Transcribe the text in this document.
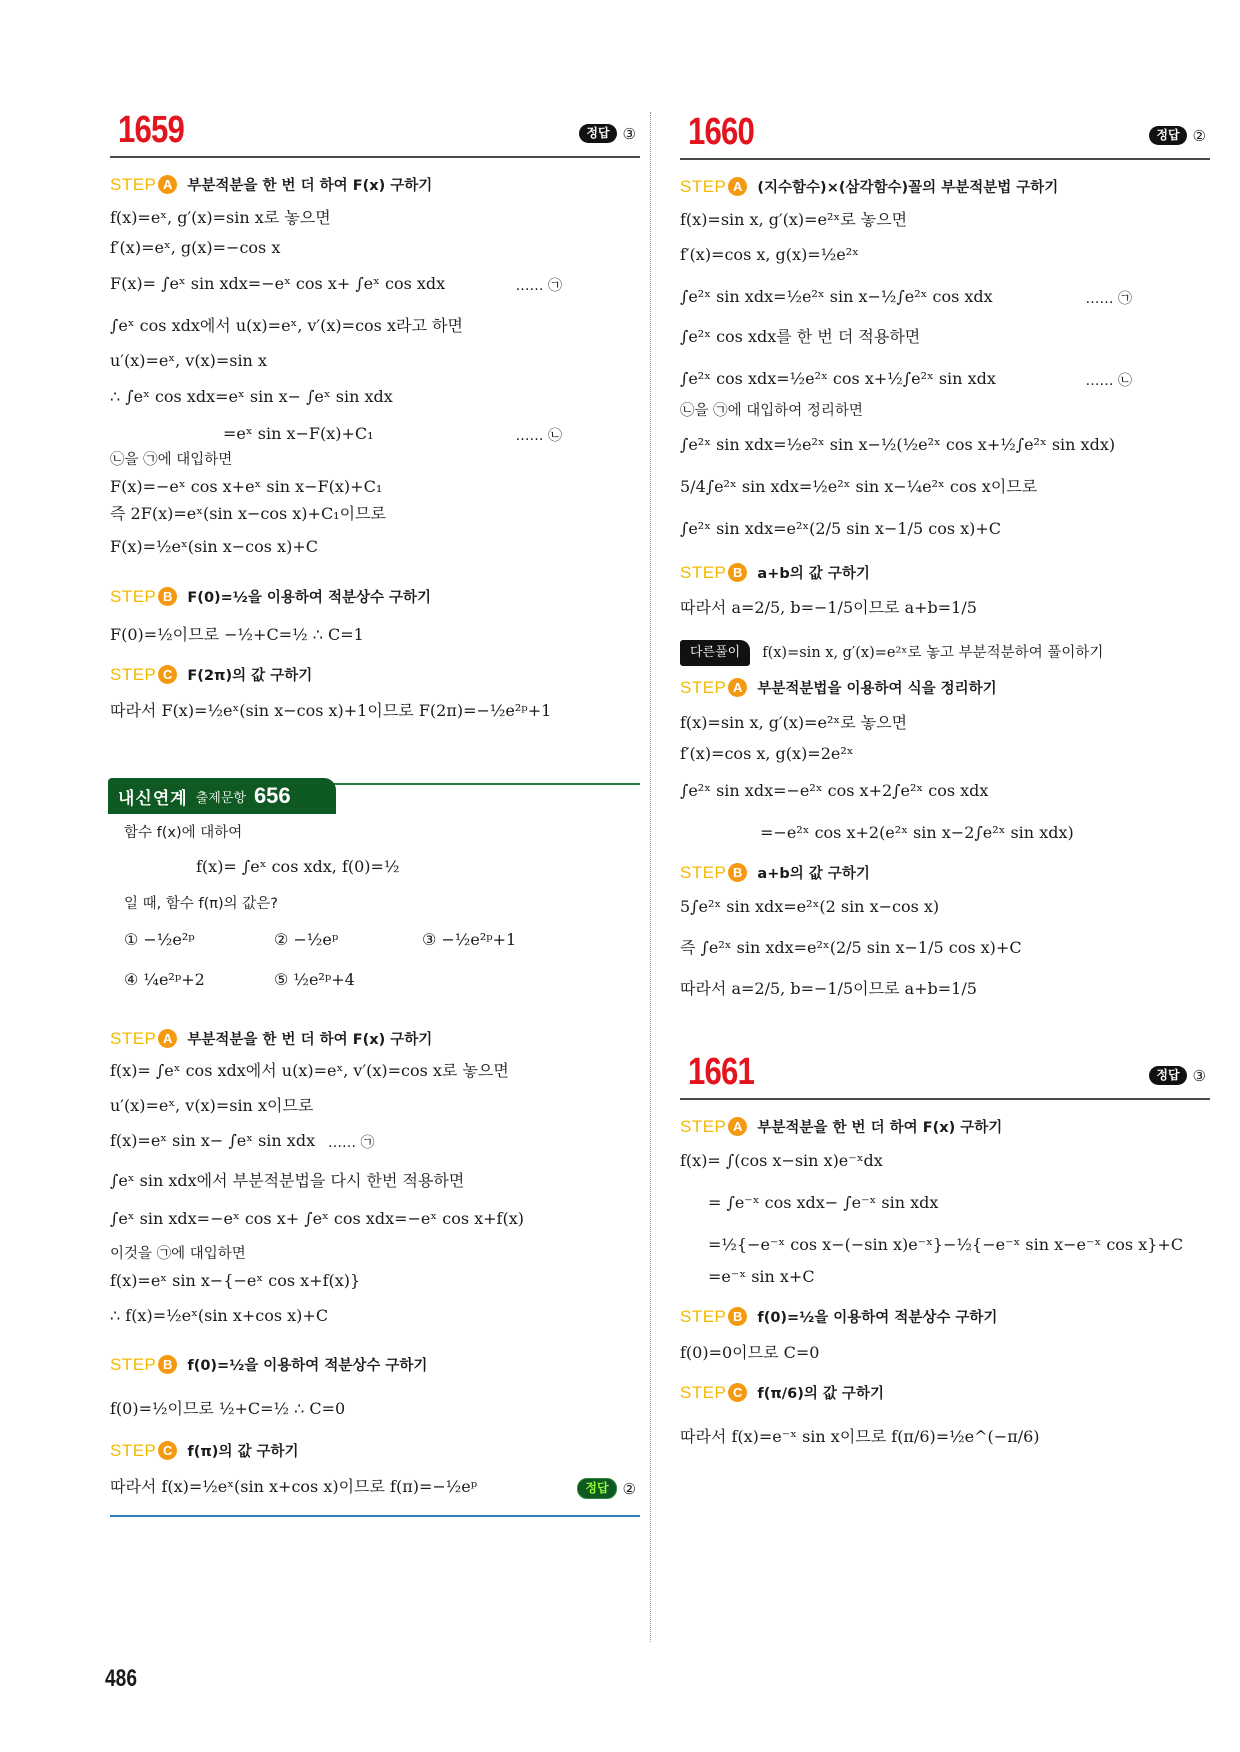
1659	정답 ③
STEP A	부분적분을 한 번 더 하여 F(x) 구하기
f(x)=eˣ, g′(x)=sin x로 놓으면
f′(x)=eˣ, g(x)=−cos x
F(x)= ∫eˣ sin xdx=−eˣ cos x+ ∫eˣ cos xdx	…… ㉠
∫eˣ cos xdx에서 u(x)=eˣ, v′(x)=cos x라고 하면
u′(x)=eˣ, v(x)=sin x
∴ ∫eˣ cos xdx=eˣ sin x− ∫eˣ sin xdx
=eˣ sin x−F(x)+C₁	…… ㉡
㉡을 ㉠에 대입하면
F(x)=−eˣ cos x+eˣ sin x−F(x)+C₁
즉 2F(x)=eˣ(sin x−cos x)+C₁이므로
F(x)=½eˣ(sin x−cos x)+C
STEP B	F(0)=½을 이용하여 적분상수 구하기
F(0)=½이므로 −½+C=½ ∴ C=1
STEP C	F(2π)의 값 구하기
따라서 F(x)=½eˣ(sin x−cos x)+1이므로 F(2π)=−½e²ᵖ+1
내신연계 출제문항 656
함수 f(x)에 대하여
f(x)= ∫eˣ cos xdx, f(0)=½
일 때, 함수 f(π)의 값은?
① −½e²ᵖ	② −½eᵖ	③ −½e²ᵖ+1
④ ¼e²ᵖ+2	⑤ ½e²ᵖ+4
STEP A	부분적분을 한 번 더 하여 F(x) 구하기
f(x)= ∫eˣ cos xdx에서 u(x)=eˣ, v′(x)=cos x로 놓으면
u′(x)=eˣ, v(x)=sin x이므로
f(x)=eˣ sin x− ∫eˣ sin xdx …… ㉠
∫eˣ sin xdx에서 부분적분법을 다시 한번 적용하면
∫eˣ sin xdx=−eˣ cos x+ ∫eˣ cos xdx=−eˣ cos x+f(x)
이것을 ㉠에 대입하면
f(x)=eˣ sin x−{−eˣ cos x+f(x)}
∴ f(x)=½eˣ(sin x+cos x)+C
STEP B	f(0)=½을 이용하여 적분상수 구하기
f(0)=½이므로 ½+C=½ ∴ C=0
STEP C	f(π)의 값 구하기
따라서 f(x)=½eˣ(sin x+cos x)이므로 f(π)=−½eᵖ	정답 ②
1660	정답 ②
STEP A	(지수함수)×(삼각함수)꼴의 부분적분법 구하기
f(x)=sin x, g′(x)=e²ˣ로 놓으면
f′(x)=cos x, g(x)=½e²ˣ
∫e²ˣ sin xdx=½e²ˣ sin x−½∫e²ˣ cos xdx	…… ㉠
∫e²ˣ cos xdx를 한 번 더 적용하면
∫e²ˣ cos xdx=½e²ˣ cos x+½∫e²ˣ sin xdx	…… ㉡
㉡을 ㉠에 대입하여 정리하면
∫e²ˣ sin xdx=½e²ˣ sin x−½(½e²ˣ cos x+½∫e²ˣ sin xdx)
5/4∫e²ˣ sin xdx=½e²ˣ sin x−¼e²ˣ cos x이므로
∫e²ˣ sin xdx=e²ˣ(2/5 sin x−1/5 cos x)+C
STEP B	a+b의 값 구하기
따라서 a=2/5, b=−1/5이므로 a+b=1/5
다른풀이	f(x)=sin x, g′(x)=e²ˣ로 놓고 부분적분하여 풀이하기
STEP A	부분적분법을 이용하여 식을 정리하기
f(x)=sin x, g′(x)=e²ˣ로 놓으면
f′(x)=cos x, g(x)=2e²ˣ
∫e²ˣ sin xdx=−e²ˣ cos x+2∫e²ˣ cos xdx
=−e²ˣ cos x+2(e²ˣ sin x−2∫e²ˣ sin xdx)
STEP B	a+b의 값 구하기
5∫e²ˣ sin xdx=e²ˣ(2 sin x−cos x)
즉 ∫e²ˣ sin xdx=e²ˣ(2/5 sin x−1/5 cos x)+C
따라서 a=2/5, b=−1/5이므로 a+b=1/5
1661	정답 ③
STEP A	부분적분을 한 번 더 하여 F(x) 구하기
f(x)= ∫(cos x−sin x)e⁻ˣdx
= ∫e⁻ˣ cos xdx− ∫e⁻ˣ sin xdx
=½{−e⁻ˣ cos x−(−sin x)e⁻ˣ}−½{−e⁻ˣ sin x−e⁻ˣ cos x}+C
=e⁻ˣ sin x+C
STEP B	f(0)=½을 이용하여 적분상수 구하기
f(0)=0이므로 C=0
STEP C	f(π/6)의 값 구하기
따라서 f(x)=e⁻ˣ sin x이므로 f(π/6)=½e^(−π/6)
486
